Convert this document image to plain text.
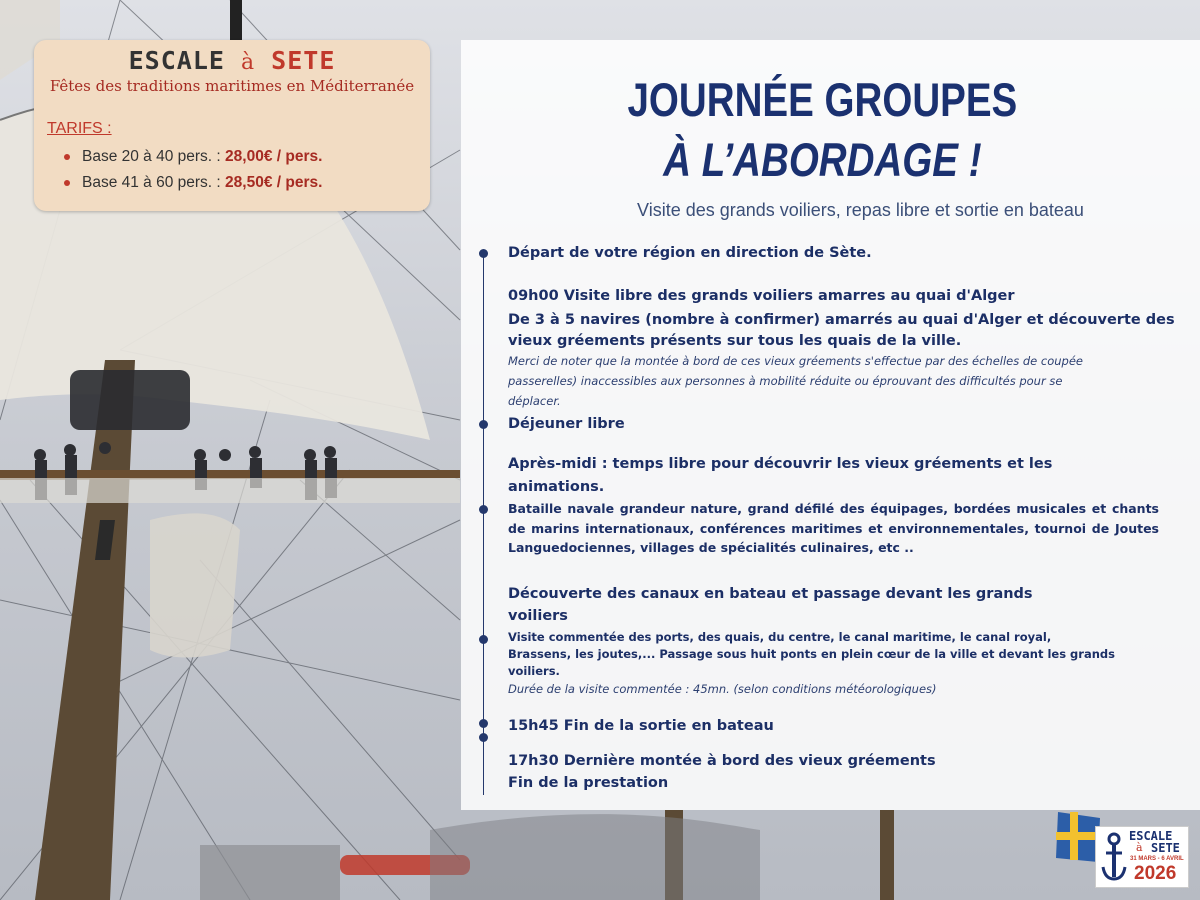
ESCALE à SETE
Fêtes des traditions maritimes en Méditerranée
TARIFS :
Base 20 à 40 pers. : 28,00€ / pers.
Base 41 à 60 pers. : 28,50€ / pers.
JOURNÉE GROUPES
À L’ABORDAGE !
Visite des grands voiliers, repas libre et sortie en bateau
Départ de votre région en direction de Sète.
09h00 Visite libre des grands voiliers amarres au quai d'Alger
De 3 à 5 navires (nombre à confirmer) amarrés au quai d'Alger et découverte des
vieux gréements présents sur tous les quais de la ville.
Merci de noter que la montée à bord de ces vieux gréements s'effectue par des échelles de coupée
passerelles) inaccessibles aux personnes à mobilité réduite ou éprouvant des difficultés pour se
déplacer.
Déjeuner libre
Après-midi : temps libre pour découvrir les vieux gréements et les
animations.
Bataille navale grandeur nature, grand défilé des équipages, bordées musicales et chants de marins internationaux, conférences maritimes et environnementales, tournoi de Joutes Languedociennes, villages de spécialités culinaires, etc ..
Découverte des canaux en bateau et passage devant les grands
voiliers
Visite commentée des ports, des quais, du centre, le canal maritime, le canal royal,
Brassens, les joutes,... Passage sous huit ponts en plein cœur de la ville et devant les grands
voiliers.
Durée de la visite commentée : 45mn. (selon conditions météorologiques)
15h45 Fin de la sortie en bateau
17h30 Dernière montée à bord des vieux gréements
Fin de la prestation
ESCALE
à SETE
31 MARS - 6 AVRIL
2026
